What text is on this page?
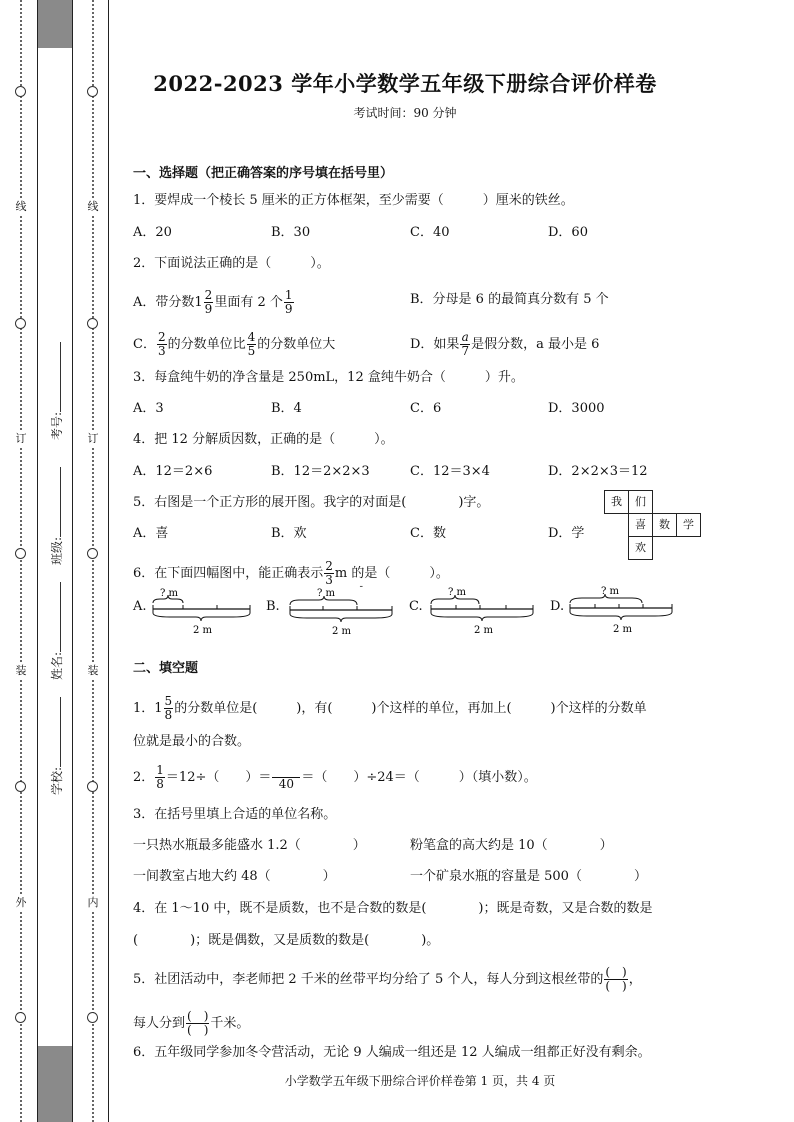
线
订
装
外
线
订
装
内
学校:
姓名:
班级:
考号:
2022-2023 学年小学数学五年级下册综合评价样卷
考试时间：90 分钟
一、选择题（把正确答案的序号填在括号里）
1．要焊成一个棱长 5 厘米的正方体框架，至少需要（　　　）厘米的铁丝。
A．20	B．30	C．40	D．60
2．下面说法正确的是（　　　）。
A．带分数$1 \frac{2}{9}$ 里面有 2 个 $\frac{1}{9}$	B．分母是 6 的最简真分数有 5 个
C． $\frac{2}{3}$ 的分数单位比 $\frac{4}{5}$ 的分数单位大	D．如果 $\frac{a}{7}$ 是假分数，a 最小是 6
3．每盒纯牛奶的净含量是 250mL，12 盒纯牛奶合（　　　）升。
A．3	B．4	C．6	D．3000
4．把 12 分解质因数，正确的是（　　　）。
A．12＝2×6	B．12＝2×2×3	C．12＝3×4	D．2×2×3＝12
5．右图是一个正方形的展开图。我字的对面是(　　　　)字。
A．喜	B．欢	C．数	D．学
我	们
喜	数	学
欢
6．在下面四幅图中，能正确表示 $\frac{2}{3}$ m 的是（　　　）。
A.	B.	C.	D.
? m
2 m
? m	ˉ
2 m
? m
2 m
? m
2 m
二、填空题
1．$1 \frac{5}{8}$ 的分数单位是(　　　)，有(　　　)个这样的单位，再加上(　　　)个这样的分数单
位就是最小的合数。
2． $\frac{1}{8} =12\div$（　　）＝ 40 ＝（　　）÷24＝（　　　）（填小数）。
3．在括号里填上合适的单位名称。
一只热水瓶最多能盛水 1.2（　　　　）	粉笔盒的高大约是 10（　　　　）
一间教室占地大约 48（　　　　）	一个矿泉水瓶的容量是 500（　　　　）
4．在 1～10 中，既不是质数，也不是合数的数是(　　　　)；既是奇数，又是合数的数是
(　　　　)；既是偶数，又是质数的数是(　　　　)。
5．社团活动中，李老师把 2 千米的丝带平均分给了 5 个人，每人分到这根丝带的 $\frac{( )}{( )}$ ，
每人分到 $\frac{( )}{( )}$ 千米。
6．五年级同学参加冬令营活动，无论 9 人编成一组还是 12 人编成一组都正好没有剩余。
小学数学五年级下册综合评价样卷第 1 页，共 4 页
